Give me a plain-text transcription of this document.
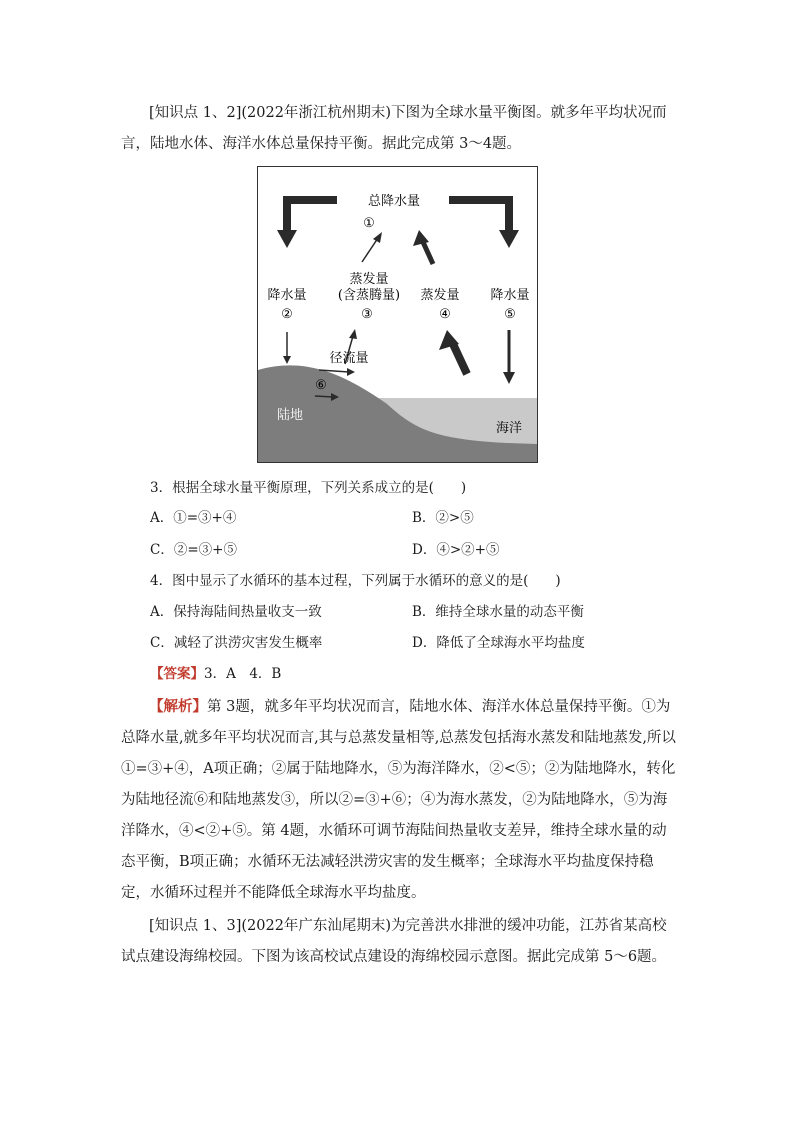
[知识点 1、2](2022年浙江杭州期末)下图为全球水量平衡图。就多年平均状况而言，陆地水体、海洋水体总量保持平衡。据此完成第 3～4题。
总降水量
①
蒸发量
(含蒸腾量)
③
蒸发量
④
降水量
②
降水量
⑤
径流量
⑥
陆地
海洋
3．根据全球水量平衡原理，下列关系成立的是(　　)
A．①=③+④	B．②>⑤
C．②=③+⑤	D．④>②+⑤
4．图中显示了水循环的基本过程，下列属于水循环的意义的是(　　)
A．保持海陆间热量收支一致	B．维持全球水量的动态平衡
C．减轻了洪涝灾害发生概率	D．降低了全球海水平均盐度
【答案】3．A　4．B
【解析】第 3题，就多年平均状况而言，陆地水体、海洋水体总量保持平衡。①为总降水量,就多年平均状况而言,其与总蒸发量相等,总蒸发包括海水蒸发和陆地蒸发,所以①=③+④，A项正确；②属于陆地降水，⑤为海洋降水，②<⑤；②为陆地降水，转化为陆地径流⑥和陆地蒸发③，所以②=③+⑥；④为海水蒸发，②为陆地降水，⑤为海洋降水，④<②+⑤。第 4题，水循环可调节海陆间热量收支差异，维持全球水量的动态平衡，B项正确；水循环无法减轻洪涝灾害的发生概率；全球海水平均盐度保持稳定，水循环过程并不能降低全球海水平均盐度。
[知识点 1、3](2022年广东汕尾期末)为完善洪水排泄的缓冲功能，江苏省某高校试点建设海绵校园。下图为该高校试点建设的海绵校园示意图。据此完成第 5～6题。
